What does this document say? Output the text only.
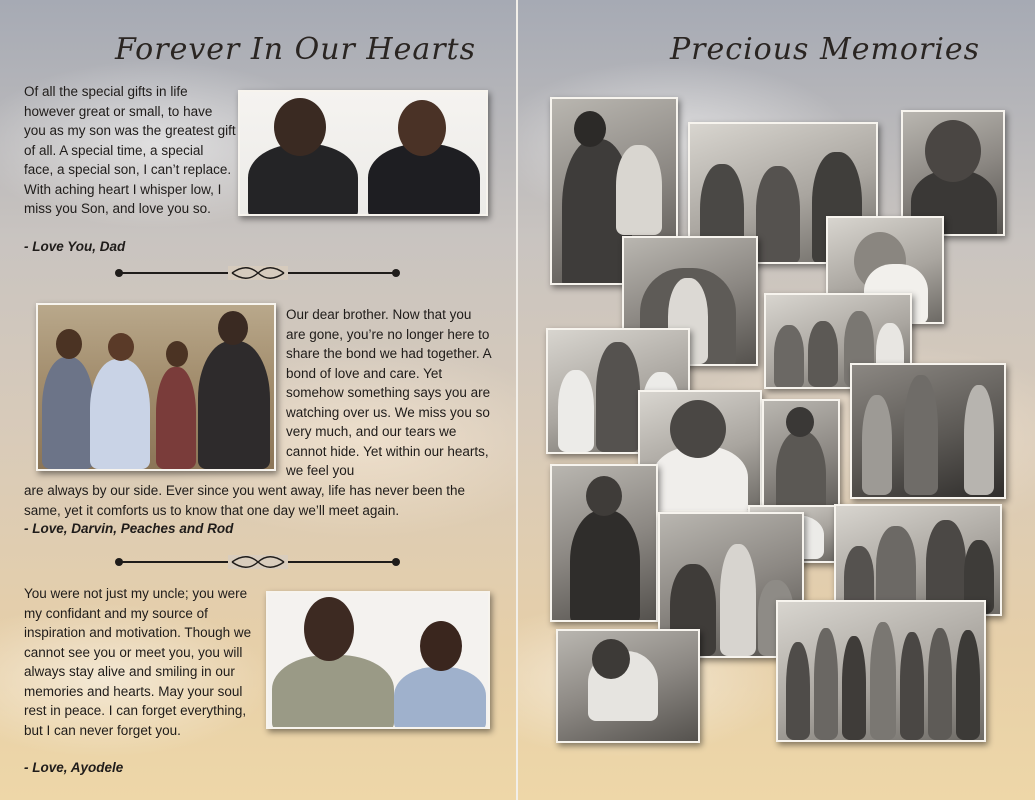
Forever In Our Hearts

Of all the special gifts in life however great or small, to have you as my son was the greatest gift of all. A special time, a special face, a special son, I can’t replace. With aching heart I whisper low, I miss you Son, and love you so.

- Love You, Dad

Our dear brother. Now that you are gone, you’re no longer here to share the bond we had together. A bond of love and care. Yet somehow something says you are watching over us. We miss you so very much, and our tears we cannot hide. Yet within our hearts, we feel you

are always by our side. Ever since you went away, life has never been the same, yet it comforts us to know that one day we’ll meet again.

- Love, Darvin, Peaches and Rod

You were not just my uncle; you were my confidant and my source of inspiration and motivation. Though we cannot see you or meet you, you will always stay alive and smiling in our memories and hearts. May your soul rest in peace. I can forget everything, but I can never forget you.

- Love, Ayodele

Precious Memories
